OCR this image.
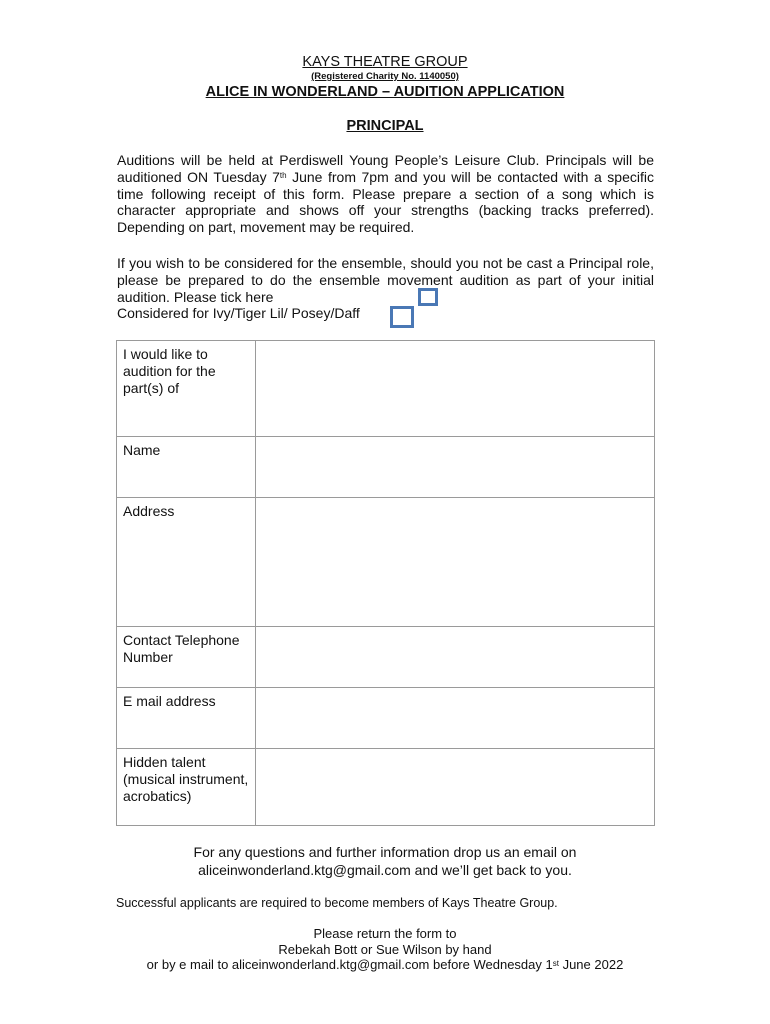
KAYS THEATRE GROUP
(Registered Charity No. 1140050)
ALICE IN WONDERLAND – AUDITION APPLICATION
PRINCIPAL
Auditions will be held at Perdiswell Young People’s Leisure Club. Principals will be auditioned ON Tuesday 7th June from 7pm and you will be contacted with a specific time following receipt of this form. Please prepare a section of a song which is character appropriate and shows off your strengths (backing tracks preferred). Depending on part, movement may be required.
If you wish to be considered for the ensemble, should you not be cast a Principal role, please be prepared to do the ensemble movement audition as part of your initial audition. Please tick here
Considered for Ivy/Tiger Lil/ Posey/Daff
I would like to audition for the part(s) of	
Name	
Address	
Contact Telephone Number	
E mail address	
Hidden talent (musical instrument, acrobatics)	
For any questions and further information drop us an email on
aliceinwonderland.ktg@gmail.com and we’ll get back to you.
Successful applicants are required to become members of Kays Theatre Group.
Please return the form to
Rebekah Bott or Sue Wilson by hand
or by e mail to aliceinwonderland.ktg@gmail.com before Wednesday 1st June 2022
